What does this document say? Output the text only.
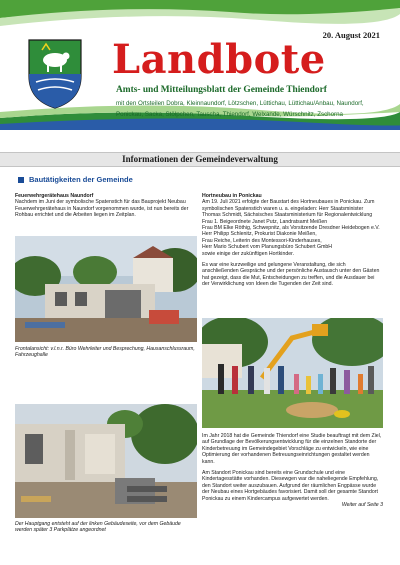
20. August 2021
Landbote
Amts- und Mitteilungsblatt der Gemeinde Thiendorf
mit den Ortsteilen Dobra, Kleinnaundorf, Lötzschen, Lüttichau, Lüttichau/Anbau, Naundorf, Ponickau, Sacka, Stölpchen, Tauscha, Thiendorf, Welxande, Würschnitz, Zschorna
Informationen der Gemeindeverwaltung
Bautätigkeiten der Gemeinde

Feuerwehrgerätehaus Naundorf

Nachdem im Juni der symbolische Spatenstich für das Bauprojekt Neubau Feuerwehrgerätehaus in Naundorf vorgenommen wurde, ist nun bereits der Rohbau errichtet und die Arbeiten liegen im Zeitplan.

Frontalansicht: v.l.n.r. Büro Wehrleiter und Besprechung, Hausanschlussraum, Fahrzeughalle
Der Hauptgang entsteht auf der linken Gebäudeseite, vor dem Gebäude werden später 3 Parkplätze angeordnet

Hortneubau in Ponickau

Am 19. Juli 2021 erfolgte der Baustart des Hortneubaues in Ponickau. Zum symbolischen Spatenstich waren u. a. eingeladen: Herr Staatsminister Thomas Schmidt, Sächsisches Staatsministerium für Regionalentwicklung

Frau 1. Beigeordnete Janet Putz, Landratsamt Meißen

Frau BM Elke Röthig, Schwepnitz, als Vorsitzende Dresdner Heidebogen e.V.

Herr Philipp Schlenitz, Prokurist Diakonie Meißen,

Frau Reiche, Leiterin des Montessori-Kinderhauses,

Herr Mario Schubert vom Planungsbüro Schubert GmbH

sowie einige der zukünftigen Hortkinder.

Es war eine kurzweilige und gelungene Veranstaltung, die sich anschließenden Gespräche und der persönliche Austausch unter den Gästen hat gezeigt, dass die Mut, Entscheidungen zu treffen, und die Ausdauer bei der Verwirklichung von Ideen die Tugenden der Zeit sind.

Im Jahr 2018 hat die Gemeinde Thiendorf eine Studie beauftragt mit dem Ziel, auf Grundlage der Bevölkerungsentwicklung für die einzelnen Standorte der Kinderbetreuung im Gemeindegebiet Vorschläge zu entwickeln, wie eine Optimierung der vorhandenen Betreuungseinrichtungen gestaltet werden kann.

Am Standort Ponickau sind bereits eine Grundschule und eine Kindertagesstätte vorhanden. Diesewgen war die naheliegende Empfehlung, den Standort weiter auszubauen. Aufgrund der räumlichen Engpässe wurde der Neubau eines Hortgebäudes favorisiert. Damit soll der gesamte Standort Ponickau zu einem Kindercampus aufgewertet werden.

Weiter auf Seite 3
